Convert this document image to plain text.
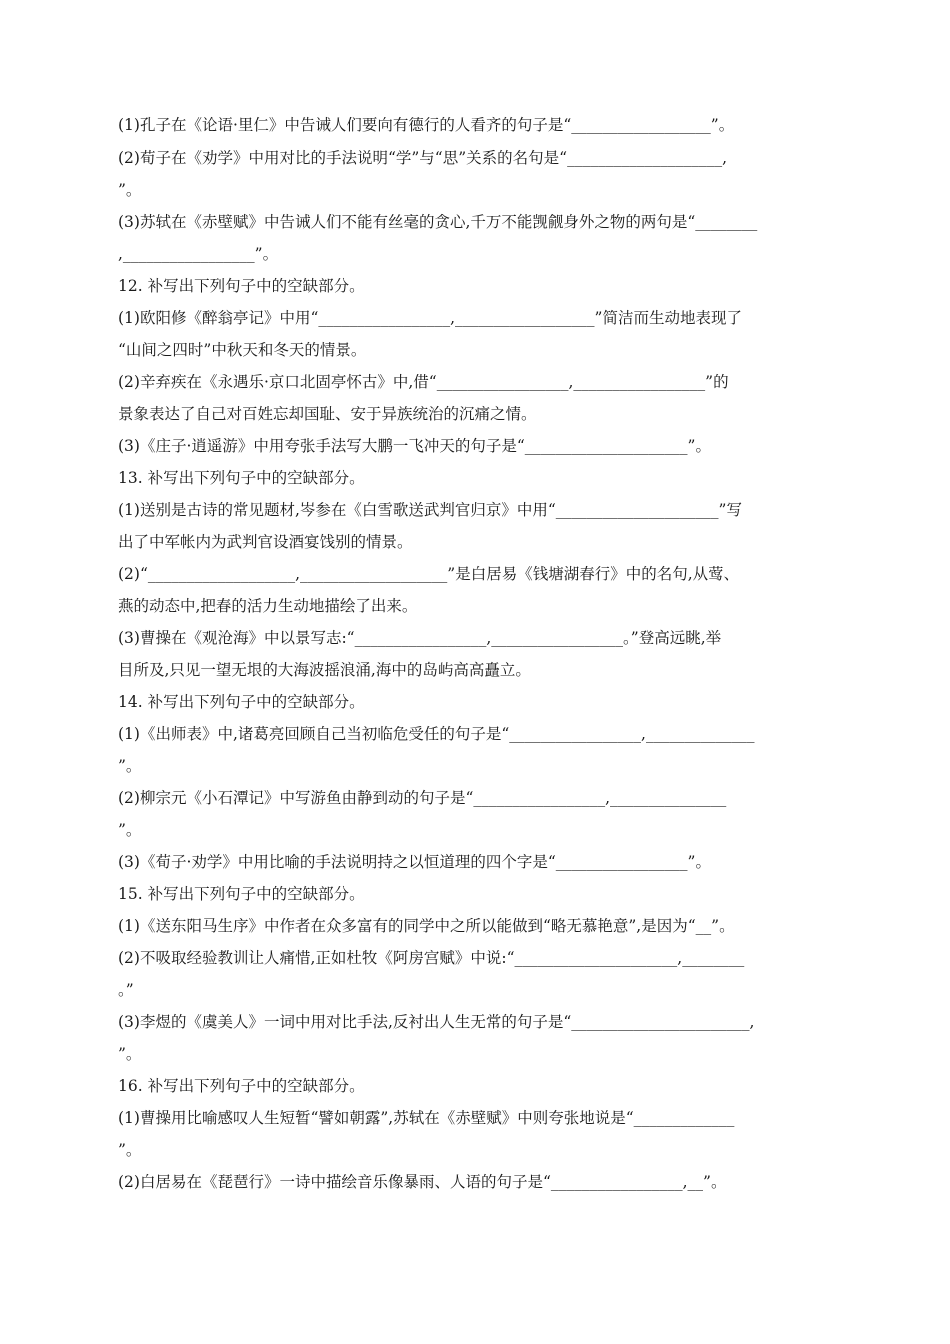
(1)孔子在《论语·里仁》中告诫人们要向有德行的人看齐的句子是“__________________”。
(2)荀子在《劝学》中用对比的手法说明“学”与“思”关系的名句是“____________________,
”。
(3)苏轼在《赤壁赋》中告诫人们不能有丝毫的贪心,千万不能觊觎身外之物的两句是“________
,_________________”。
12. 补写出下列句子中的空缺部分。
(1)欧阳修《醉翁亭记》中用“_________________,__________________”简洁而生动地表现了
“山间之四时”中秋天和冬天的情景。
(2)辛弃疾在《永遇乐·京口北固亭怀古》中,借“_________________,_________________”的
景象表达了自己对百姓忘却国耻、安于异族统治的沉痛之情。
(3)《庄子·逍遥游》中用夸张手法写大鹏一飞冲天的句子是“_____________________”。
13. 补写出下列句子中的空缺部分。
(1)送别是古诗的常见题材,岑参在《白雪歌送武判官归京》中用“_____________________”写
出了中军帐内为武判官设酒宴饯别的情景。
(2)“___________________,___________________”是白居易《钱塘湖春行》中的名句,从莺、
燕的动态中,把春的活力生动地描绘了出来。
(3)曹操在《观沧海》中以景写志:“_________________,_________________。”登高远眺,举
目所及,只见一望无垠的大海波摇浪涌,海中的岛屿高高矗立。
14. 补写出下列句子中的空缺部分。
(1)《出师表》中,诸葛亮回顾自己当初临危受任的句子是“_________________,______________
”。
(2)柳宗元《小石潭记》中写游鱼由静到动的句子是“_________________,_______________
”。
(3)《荀子·劝学》中用比喻的手法说明持之以恒道理的四个字是“_________________”。
15. 补写出下列句子中的空缺部分。
(1)《送东阳马生序》中作者在众多富有的同学中之所以能做到“略无慕艳意”,是因为“__”。
(2)不吸取经验教训让人痛惜,正如杜牧《阿房宫赋》中说:“_____________________,________
。”
(3)李煜的《虞美人》一词中用对比手法,反衬出人生无常的句子是“_______________________,
”。
16. 补写出下列句子中的空缺部分。
(1)曹操用比喻感叹人生短暂“譬如朝露”,苏轼在《赤壁赋》中则夸张地说是“_____________
”。
(2)白居易在《琵琶行》一诗中描绘音乐像暴雨、人语的句子是“_________________,__”。
